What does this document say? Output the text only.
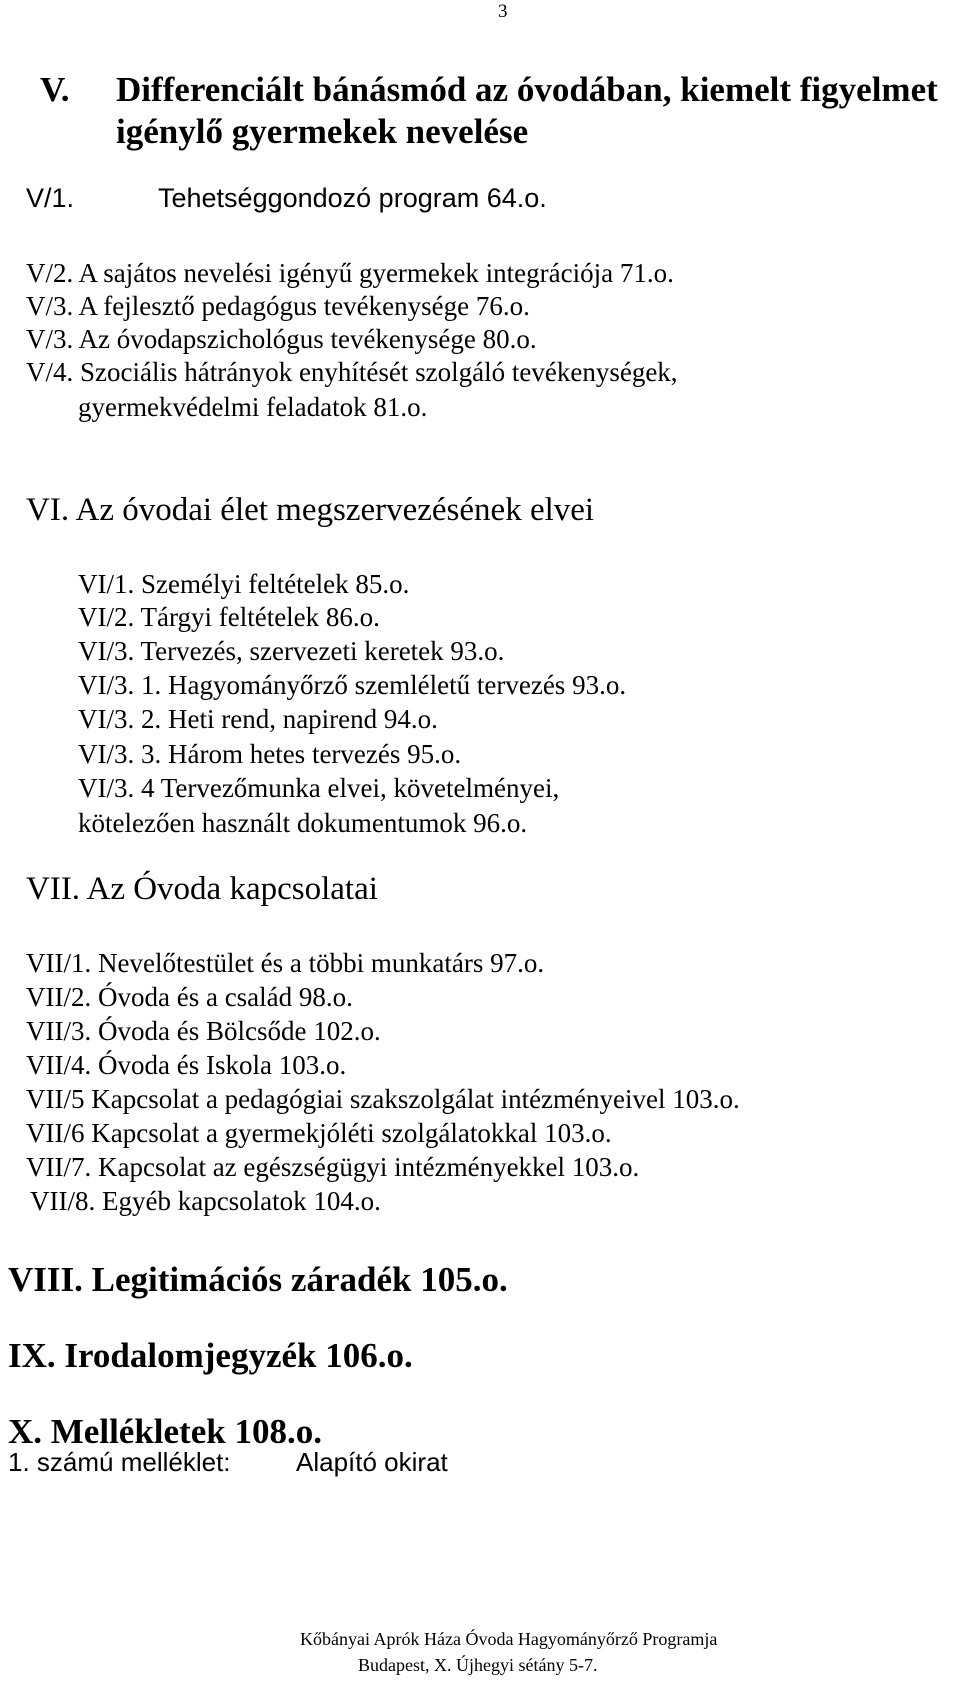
3
V. Differenciált bánásmód az óvodában, kiemelt figyelmet
igénylő gyermekek nevelése
V/1.	Tehetséggondozó program 64.o.
V/2. A sajátos nevelési igényű gyermekek integrációja 71.o.
V/3. A fejlesztő pedagógus tevékenysége 76.o.
V/3. Az óvodapszichológus tevékenysége 80.o.
V/4. Szociális hátrányok enyhítését szolgáló tevékenységek,
gyermekvédelmi feladatok 81.o.
VI. Az óvodai élet megszervezésének elvei
VI/1. Személyi feltételek 85.o.
VI/2. Tárgyi feltételek 86.o.
VI/3. Tervezés, szervezeti keretek 93.o.
VI/3. 1. Hagyományőrző szemléletű tervezés 93.o.
VI/3. 2. Heti rend, napirend 94.o.
VI/3. 3. Három hetes tervezés 95.o.
VI/3. 4 Tervezőmunka elvei, követelményei,
kötelezően használt dokumentumok 96.o.
VII. Az Óvoda kapcsolatai
VII/1. Nevelőtestület és a többi munkatárs 97.o.
VII/2. Óvoda és a család 98.o.
VII/3. Óvoda és Bölcsőde 102.o.
VII/4. Óvoda és Iskola 103.o.
VII/5 Kapcsolat a pedagógiai szakszolgálat intézményeivel 103.o.
VII/6 Kapcsolat a gyermekjóléti szolgálatokkal 103.o.
VII/7. Kapcsolat az egészségügyi intézményekkel 103.o.
VII/8. Egyéb kapcsolatok 104.o.
VIII. Legitimációs záradék 105.o.
IX. Irodalomjegyzék 106.o.
X. Mellékletek 108.o.
1. számú melléklet:	Alapító okirat
Kőbányai Aprók Háza Óvoda Hagyományőrző Programja
Budapest, X. Újhegyi sétány 5-7.
